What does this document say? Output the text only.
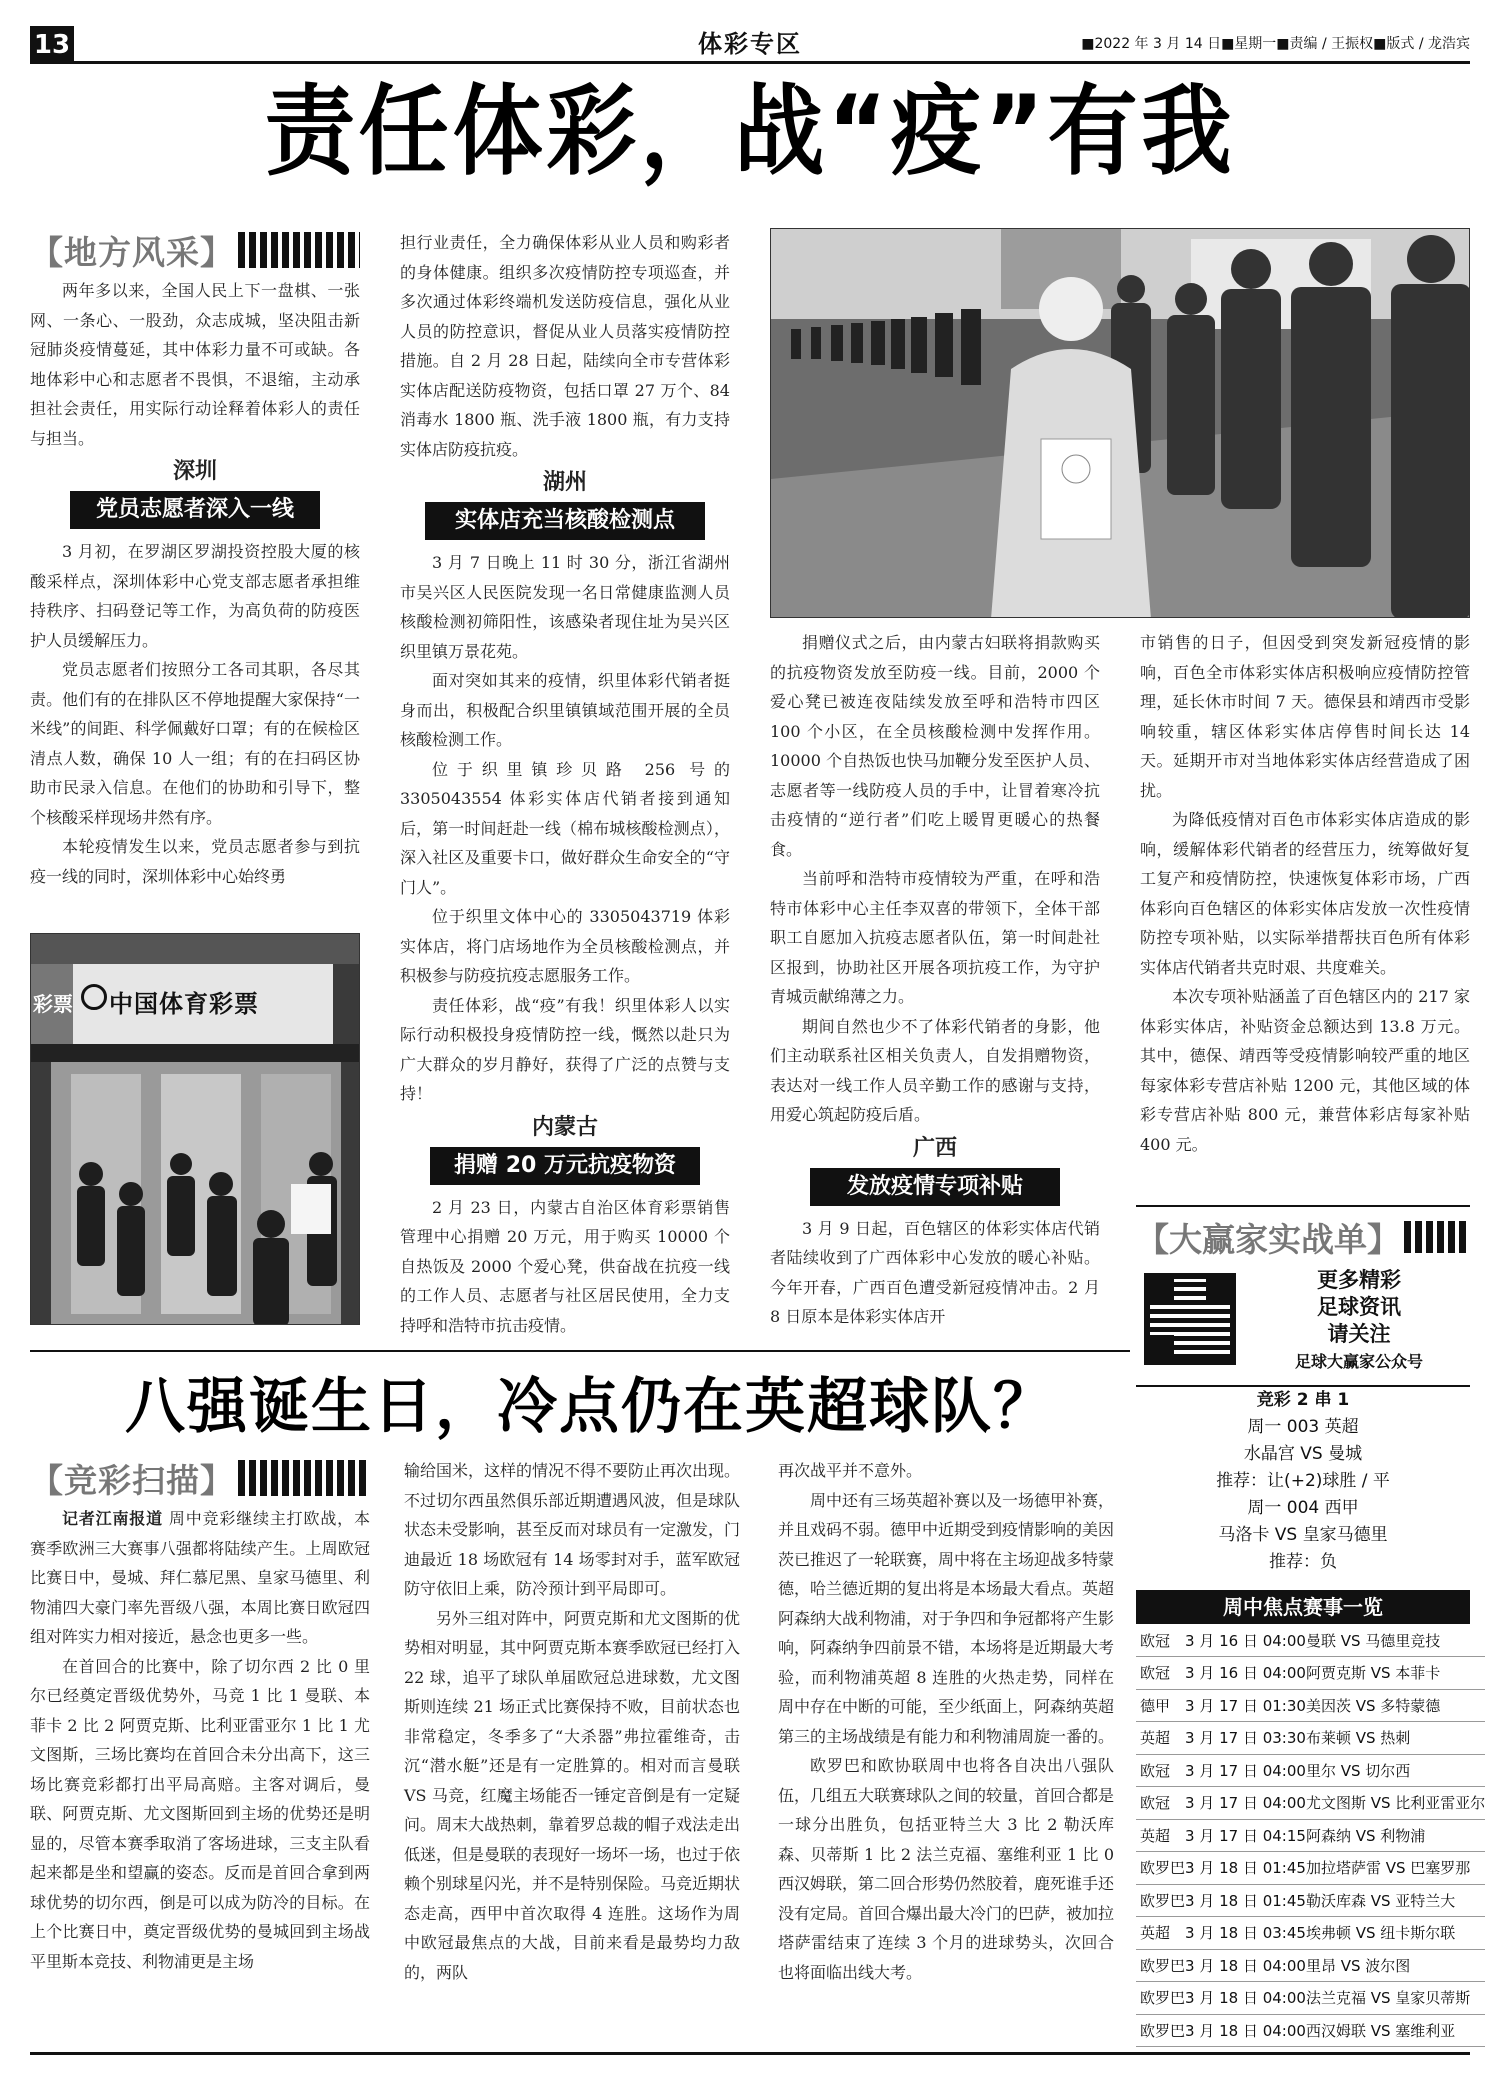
13	体彩专区	■2022 年 3 月 14 日■星期一■责编 / 王振权■版式 / 龙浩宾
责任体彩，战“疫”有我
【地方风采】

两年多以来，全国人民上下一盘棋、一张网、一条心、一股劲，众志成城，坚决阻击新冠肺炎疫情蔓延，其中体彩力量不可或缺。各地体彩中心和志愿者不畏惧，不退缩，主动承担社会责任，用实际行动诠释着体彩人的责任与担当。

深圳
党员志愿者深入一线

3 月初，在罗湖区罗湖投资控股大厦的核酸采样点，深圳体彩中心党支部志愿者承担维持秩序、扫码登记等工作，为高负荷的防疫医护人员缓解压力。

党员志愿者们按照分工各司其职，各尽其责。他们有的在排队区不停地提醒大家保持“一米线”的间距、科学佩戴好口罩；有的在候检区清点人数，确保 10 人一组；有的在扫码区协助市民录入信息。在他们的协助和引导下，整个核酸采样现场井然有序。

本轮疫情发生以来，党员志愿者参与到抗疫一线的同时，深圳体彩中心始终勇

中国体育彩票
彩票

担行业责任，全力确保体彩从业人员和购彩者的身体健康。组织多次疫情防控专项巡查，并多次通过体彩终端机发送防疫信息，强化从业人员的防控意识，督促从业人员落实疫情防控措施。自 2 月 28 日起，陆续向全市专营体彩实体店配送防疫物资，包括口罩 27 万个、84 消毒水 1800 瓶、洗手液 1800 瓶，有力支持实体店防疫抗疫。

湖州
实体店充当核酸检测点

3 月 7 日晚上 11 时 30 分，浙江省湖州市吴兴区人民医院发现一名日常健康监测人员核酸检测初筛阳性，该感染者现住址为吴兴区织里镇万景花苑。

面对突如其来的疫情，织里体彩代销者挺身而出，积极配合织里镇镇域范围开展的全员核酸检测工作。

位于织里镇珍贝路 256 号的 3305043554 体彩实体店代销者接到通知后，第一时间赶赴一线（棉布城核酸检测点），深入社区及重要卡口，做好群众生命安全的“守门人”。

位于织里文体中心的 3305043719 体彩实体店，将门店场地作为全员核酸检测点，并积极参与防疫抗疫志愿服务工作。

责任体彩，战“疫”有我！织里体彩人以实际行动积极投身疫情防控一线，慨然以赴只为广大群众的岁月静好，获得了广泛的点赞与支持！

内蒙古
捐赠 20 万元抗疫物资

2 月 23 日，内蒙古自治区体育彩票销售管理中心捐赠 20 万元，用于购买 10000 个自热饭及 2000 个爱心凳，供奋战在抗疫一线的工作人员、志愿者与社区居民使用，全力支持呼和浩特市抗击疫情。

捐赠仪式之后，由内蒙古妇联将捐款购买的抗疫物资发放至防疫一线。目前，2000 个爱心凳已被连夜陆续发放至呼和浩特市四区 100 个小区，在全员核酸检测中发挥作用。10000 个自热饭也快马加鞭分发至医护人员、志愿者等一线防疫人员的手中，让冒着寒冷抗击疫情的“逆行者”们吃上暖胃更暖心的热餐食。

当前呼和浩特市疫情较为严重，在呼和浩特市体彩中心主任李双喜的带领下，全体干部职工自愿加入抗疫志愿者队伍，第一时间赴社区报到，协助社区开展各项抗疫工作，为守护青城贡献绵薄之力。

期间自然也少不了体彩代销者的身影，他们主动联系社区相关负责人，自发捐赠物资，表达对一线工作人员辛勤工作的感谢与支持，用爱心筑起防疫后盾。

广西
发放疫情专项补贴

3 月 9 日起，百色辖区的体彩实体店代销者陆续收到了广西体彩中心发放的暖心补贴。今年开春，广西百色遭受新冠疫情冲击。2 月 8 日原本是体彩实体店开

市销售的日子，但因受到突发新冠疫情的影响，百色全市体彩实体店积极响应疫情防控管理，延长休市时间 7 天。德保县和靖西市受影响较重，辖区体彩实体店停售时间长达 14 天。延期开市对当地体彩实体店经营造成了困扰。

为降低疫情对百色市体彩实体店造成的影响，缓解体彩代销者的经营压力，统筹做好复工复产和疫情防控，快速恢复体彩市场，广西体彩向百色辖区的体彩实体店发放一次性疫情防控专项补贴，以实际举措帮扶百色所有体彩实体店代销者共克时艰、共度难关。

本次专项补贴涵盖了百色辖区内的 217 家体彩实体店，补贴资金总额达到 13.8 万元。其中，德保、靖西等受疫情影响较严重的地区每家体彩专营店补贴 1200 元，其他区域的体彩专营店补贴 800 元，兼营体彩店每家补贴 400 元。

八强诞生日，冷点仍在英超球队？
【竞彩扫描】

记者江南报道 周中竞彩继续主打欧战，本赛季欧洲三大赛事八强都将陆续产生。上周欧冠比赛日中，曼城、拜仁慕尼黑、皇家马德里、利物浦四大豪门率先晋级八强，本周比赛日欧冠四组对阵实力相对接近，悬念也更多一些。

在首回合的比赛中，除了切尔西 2 比 0 里尔已经奠定晋级优势外，马竞 1 比 1 曼联、本菲卡 2 比 2 阿贾克斯、比利亚雷亚尔 1 比 1 尤文图斯，三场比赛均在首回合未分出高下，这三场比赛竞彩都打出平局高赔。主客对调后，曼联、阿贾克斯、尤文图斯回到主场的优势还是明显的，尽管本赛季取消了客场进球，三支主队看起来都是坐和望赢的姿态。反而是首回合拿到两球优势的切尔西，倒是可以成为防冷的目标。在上个比赛日中，奠定晋级优势的曼城回到主场战平里斯本竞技、利物浦更是主场

输给国米，这样的情况不得不要防止再次出现。不过切尔西虽然俱乐部近期遭遇风波，但是球队状态未受影响，甚至反而对球员有一定激发，门迪最近 18 场欧冠有 14 场零封对手，蓝军欧冠防守依旧上乘，防冷预计到平局即可。

另外三组对阵中，阿贾克斯和尤文图斯的优势相对明显，其中阿贾克斯本赛季欧冠已经打入 22 球，追平了球队单届欧冠总进球数，尤文图斯则连续 21 场正式比赛保持不败，目前状态也非常稳定，冬季多了“大杀器”弗拉霍维奇，击沉“潜水艇”还是有一定胜算的。相对而言曼联 VS 马竞，红魔主场能否一锤定音倒是有一定疑问。周末大战热刺，靠着罗总裁的帽子戏法走出低迷，但是曼联的表现好一场坏一场，也过于依赖个别球星闪光，并不是特别保险。马竞近期状态走高，西甲中首次取得 4 连胜。这场作为周中欧冠最焦点的大战，目前来看是最势均力敌的，两队

再次战平并不意外。

周中还有三场英超补赛以及一场德甲补赛，并且戏码不弱。德甲中近期受到疫情影响的美因茨已推迟了一轮联赛，周中将在主场迎战多特蒙德，哈兰德近期的复出将是本场最大看点。英超阿森纳大战利物浦，对于争四和争冠都将产生影响，阿森纳争四前景不错，本场将是近期最大考验，而利物浦英超 8 连胜的火热走势，同样在周中存在中断的可能，至少纸面上，阿森纳英超第三的主场战绩是有能力和利物浦周旋一番的。

欧罗巴和欧协联周中也将各自决出八强队伍，几组五大联赛球队之间的较量，首回合都是一球分出胜负，包括亚特兰大 3 比 2 勒沃库森、贝蒂斯 1 比 2 法兰克福、塞维利亚 1 比 0 西汉姆联，第二回合形势仍然胶着，鹿死谁手还没有定局。首回合爆出最大冷门的巴萨，被加拉塔萨雷结束了连续 3 个月的进球势头，次回合也将面临出线大考。

【大赢家实战单】
更多精彩
足球资讯
请关注
足球大赢家公众号
竞彩 2 串 1
周一 003 英超
水晶宫 VS 曼城
推荐：让(+2)球胜 / 平
周一 004 西甲
马洛卡 VS 皇家马德里
推荐：负
周中焦点赛事一览
欧冠	3 月 16 日 04:00	曼联 VS 马德里竞技
欧冠	3 月 16 日 04:00	阿贾克斯 VS 本菲卡
德甲	3 月 17 日 01:30	美因茨 VS 多特蒙德
英超	3 月 17 日 03:30	布莱顿 VS 热刺
欧冠	3 月 17 日 04:00	里尔 VS 切尔西
欧冠	3 月 17 日 04:00	尤文图斯 VS 比利亚雷亚尔
英超	3 月 17 日 04:15	阿森纳 VS 利物浦
欧罗巴	3 月 18 日 01:45	加拉塔萨雷 VS 巴塞罗那
欧罗巴	3 月 18 日 01:45	勒沃库森 VS 亚特兰大
英超	3 月 18 日 03:45	埃弗顿 VS 纽卡斯尔联
欧罗巴	3 月 18 日 04:00	里昂 VS 波尔图
欧罗巴	3 月 18 日 04:00	法兰克福 VS 皇家贝蒂斯
欧罗巴	3 月 18 日 04:00	西汉姆联 VS 塞维利亚
